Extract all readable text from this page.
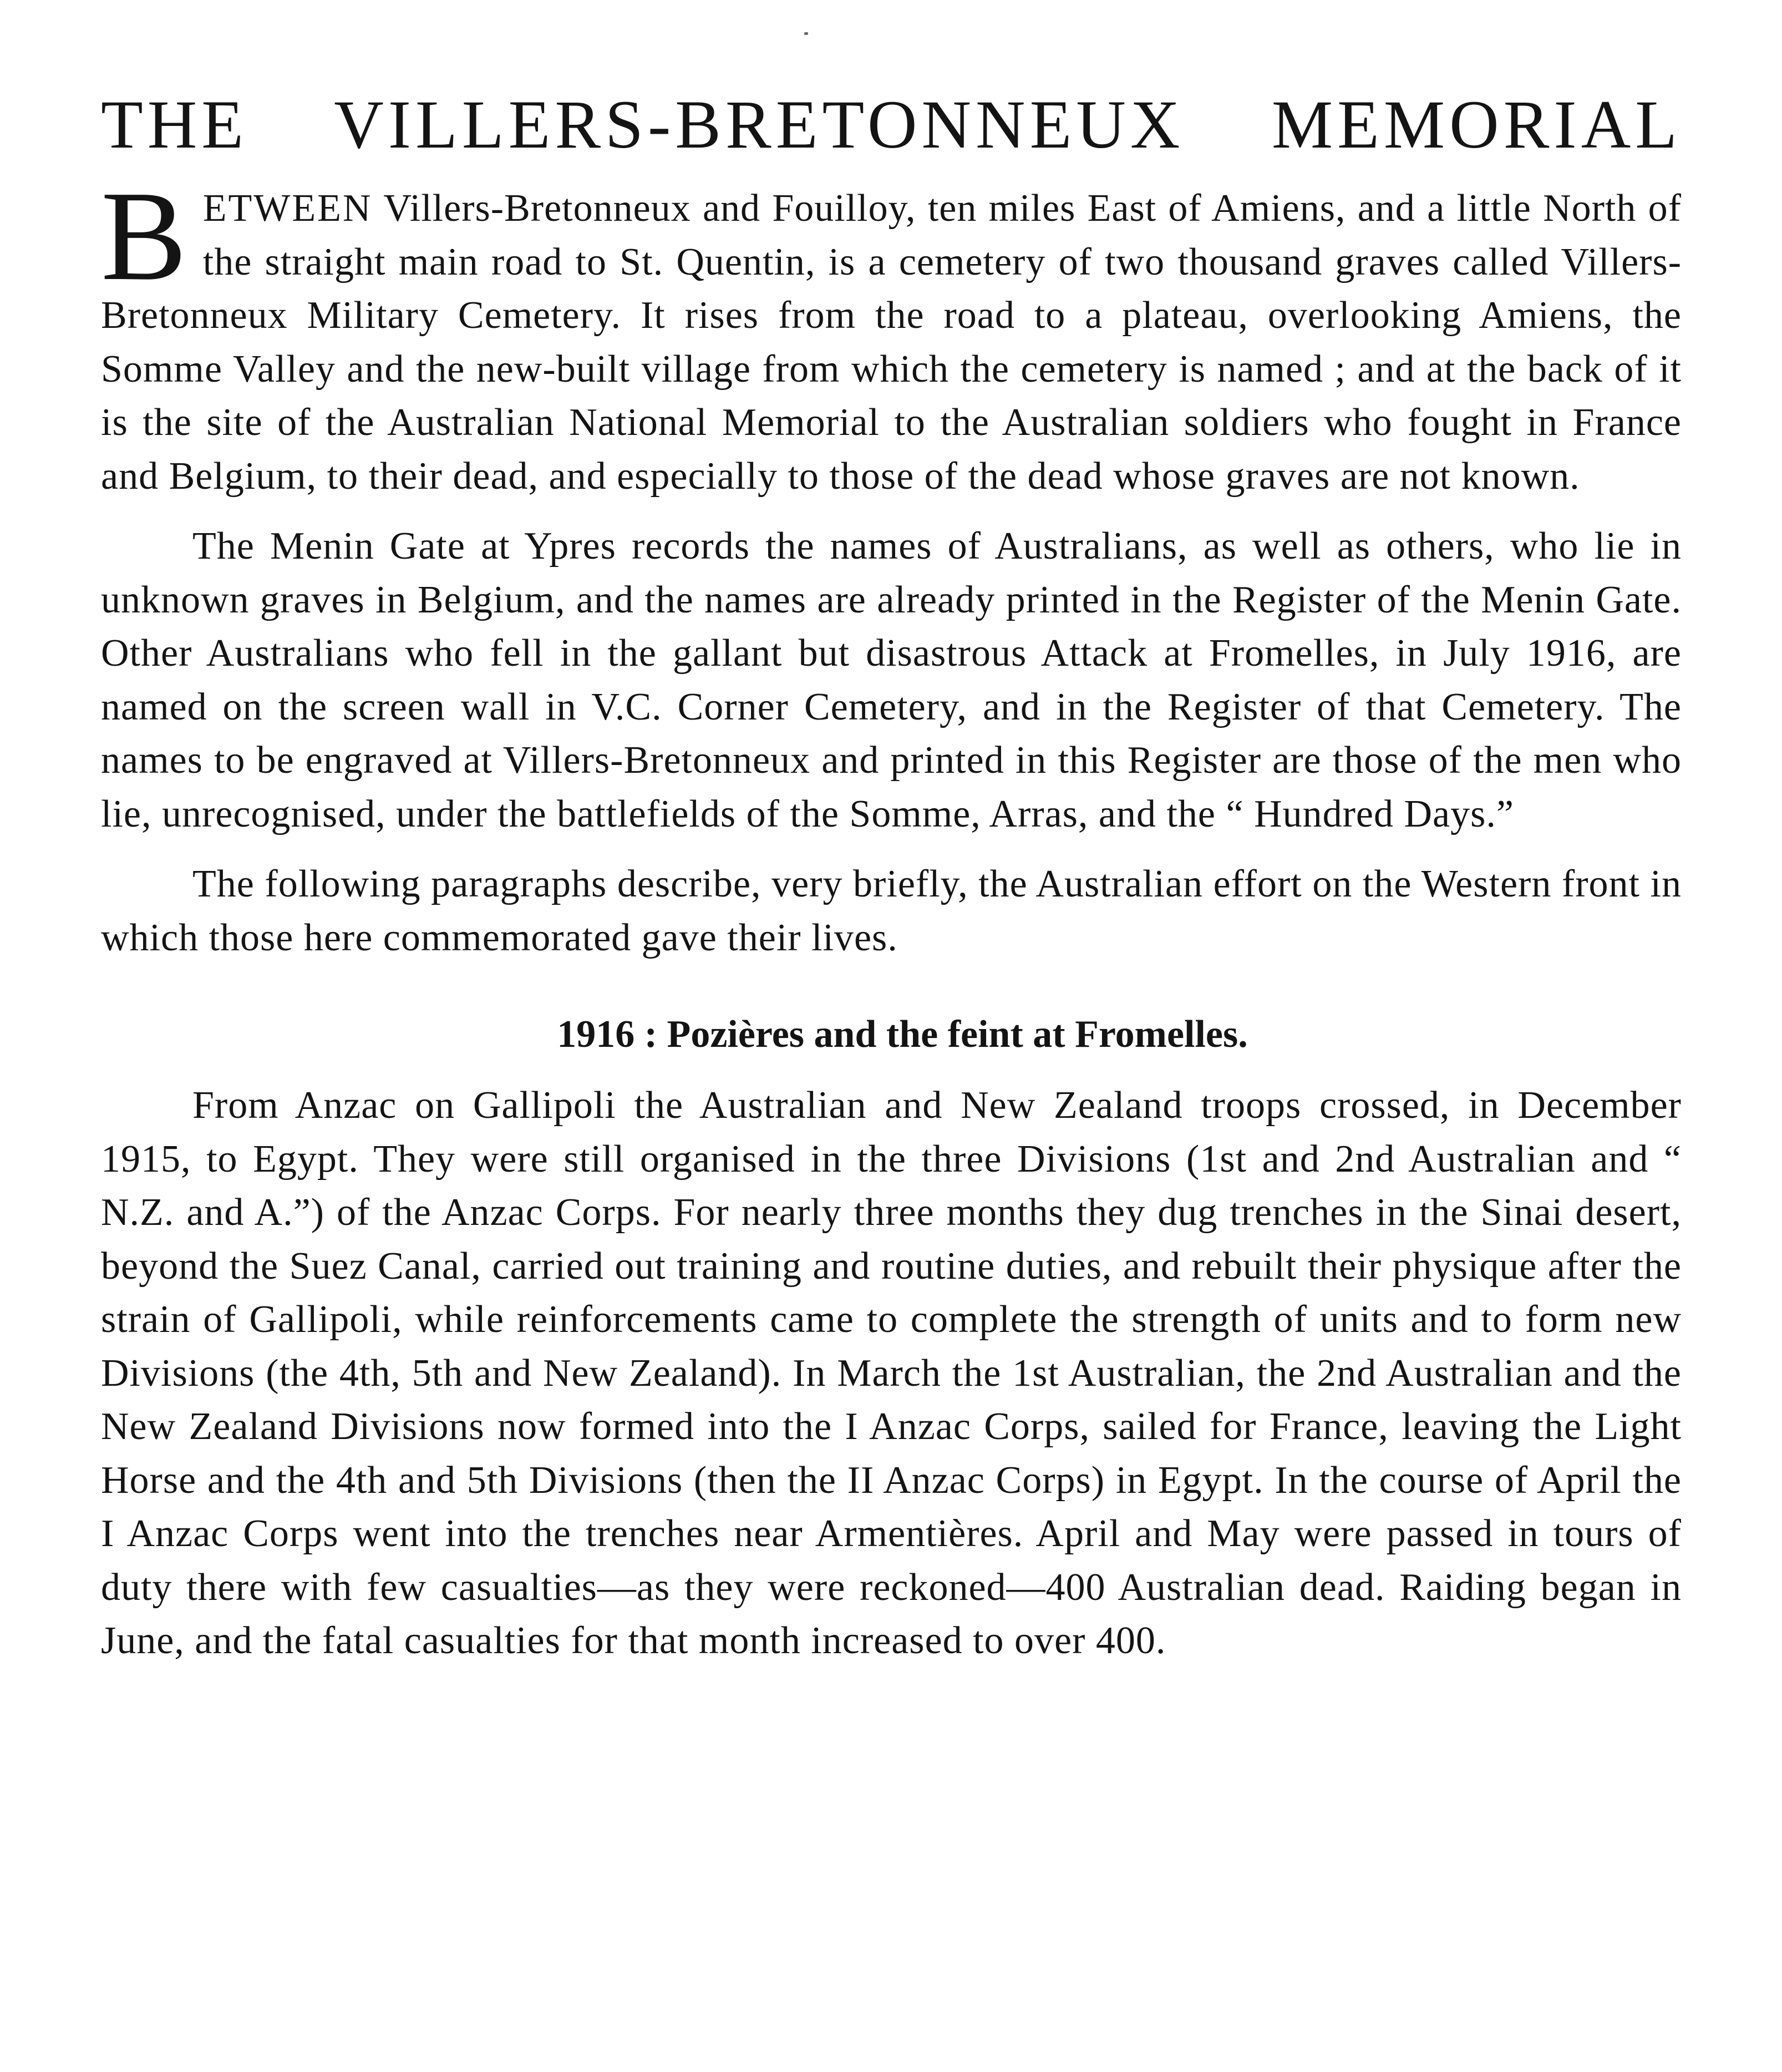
THE VILLERS-BRETONNEUX MEMORIAL

BETWEEN Villers-Bretonneux and Fouilloy, ten miles East of Amiens, and a little North of the straight main road to St. Quentin, is a cemetery of two thousand graves called Villers-Bretonneux Military Cemetery. It rises from the road to a plateau, overlooking Amiens, the Somme Valley and the new-built village from which the cemetery is named ; and at the back of it is the site of the Australian National Memorial to the Australian soldiers who fought in France and Belgium, to their dead, and especially to those of the dead whose graves are not known.

The Menin Gate at Ypres records the names of Australians, as well as others, who lie in unknown graves in Belgium, and the names are already printed in the Register of the Menin Gate. Other Australians who fell in the gallant but disastrous Attack at Fromelles, in July 1916, are named on the screen wall in V.C. Corner Cemetery, and in the Register of that Cemetery. The names to be engraved at Villers-Bretonneux and printed in this Register are those of the men who lie, unrecognised, under the battlefields of the Somme, Arras, and the “ Hundred Days.”

The following paragraphs describe, very briefly, the Australian effort on the Western front in which those here commemorated gave their lives.

1916 : Pozières and the feint at Fromelles.

From Anzac on Gallipoli the Australian and New Zealand troops crossed, in December 1915, to Egypt. They were still organised in the three Divisions (1st and 2nd Australian and “ N.Z. and A.”) of the Anzac Corps. For nearly three months they dug trenches in the Sinai desert, beyond the Suez Canal, carried out training and routine duties, and rebuilt their physique after the strain of Gallipoli, while reinforcements came to complete the strength of units and to form new Divisions (the 4th, 5th and New Zealand). In March the 1st Australian, the 2nd Australian and the New Zealand Divisions now formed into the I Anzac Corps, sailed for France, leaving the Light Horse and the 4th and 5th Divisions (then the II Anzac Corps) in Egypt. In the course of April the I Anzac Corps went into the trenches near Armentières. April and May were passed in tours of duty there with few casualties—as they were reckoned—400 Australian dead. Raiding began in June, and the fatal casualties for that month increased to over 400.
